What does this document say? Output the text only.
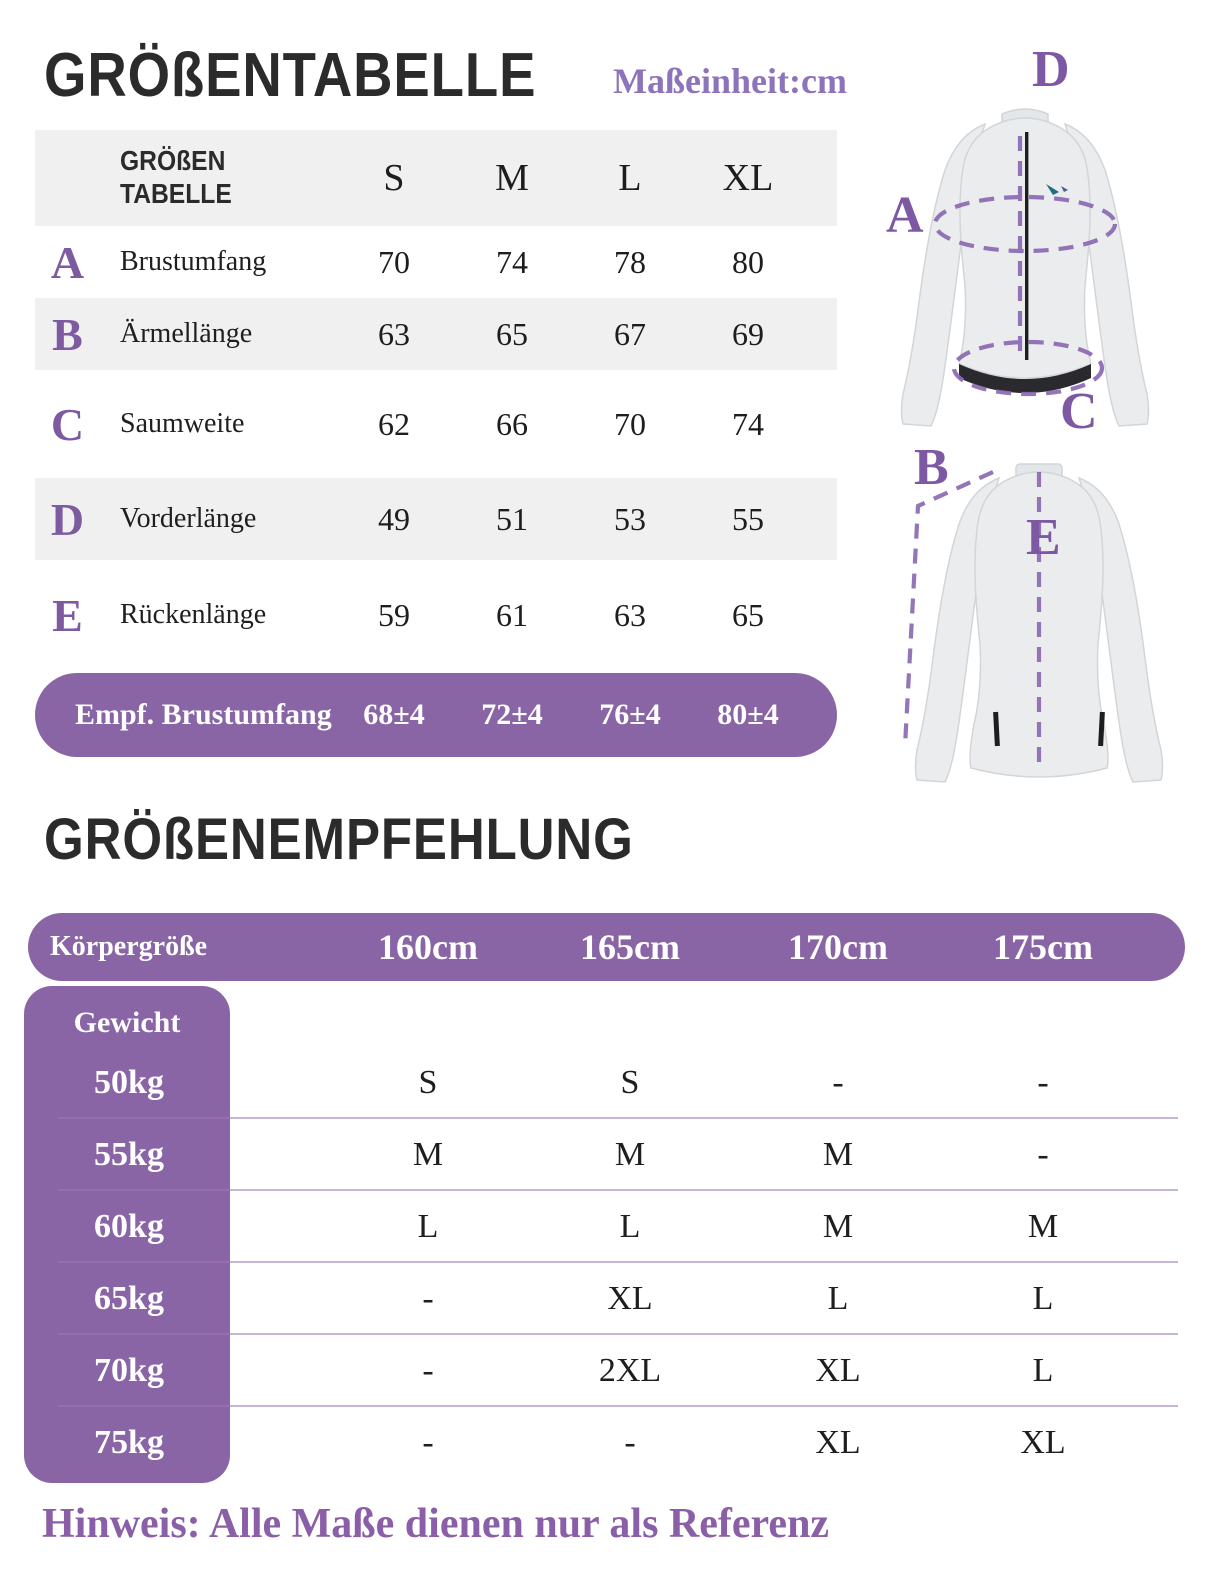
GRÖßENTABELLE Maßeinheit:cm
GRÖßEN
TABELLE	S	M	L	XL
A	Brustumfang	70	74	78	80
B	Ärmellänge	63	65	67	69
C	Saumweite	62	66	70	74
D	Vorderlänge	49	51	53	55
E	Rückenlänge	59	61	63	65
Empf. Brustumfang	68±4	72±4	76±4	80±4
D
A
C
B
E
GRÖßENEMPFEHLUNG
Körpergröße	160cm	165cm	170cm	175cm
Gewicht
50kg	S	S	-	-
55kg	M	M	M	-
60kg	L	L	M	M
65kg	-	XL	L	L
70kg	-	2XL	XL	L
75kg	-	-	XL	XL
Hinweis: Alle Maße dienen nur als Referenz
